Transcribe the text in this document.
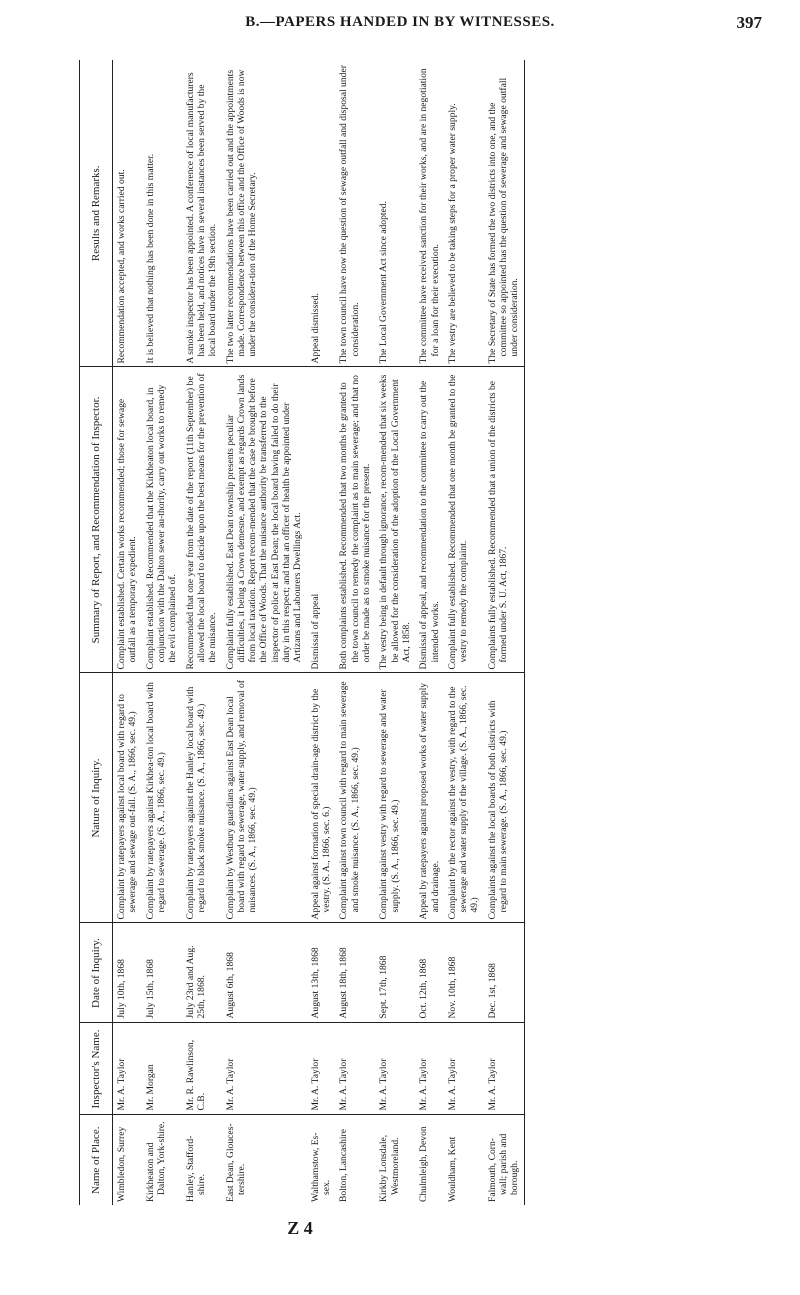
B.—PAPERS HANDED IN BY WITNESSES.	397
Name of Place.	Inspector's Name.	Date of Inquiry.	Nature of Inquiry.	Summary of Report, and Recommendation of Inspector.	Results and Remarks.
Wimbledon, Surrey	Mr. A. Taylor	July 10th, 1868	Complaint by ratepayers against local board with regard to sewerage and sewage out-fall. (S. A., 1866, sec. 49.)	Complaint established. Certain works recommended; those for sewage outfall as a temporary expedient.	Recommendation accepted, and works carried out.
Kirkheaton and Dalton, York-shire.	Mr. Morgan	July 15th, 1868	Complaint by ratepayers against Kirkhea-ton local board with regard to sewerage. (S. A., 1866, sec. 49.)	Complaint established. Recommended that the Kirkheaton local board, in conjunction with the Dalton sewer au-thority, carry out works to remedy the evil complained of.	It is believed that nothing has been done in this matter.
Hanley, Stafford-shire.	Mr. R. Rawlinson, C.B.	July 23rd and Aug. 25th, 1868.	Complaint by ratepayers against the Hanley local board with regard to black smoke nuisance. (S. A., 1866, sec. 49.)	Recommended that one year from the date of the report (11th September) be allowed the local board to decide upon the best means for the prevention of the nuisance.	A smoke inspector has been appointed. A conference of local manufacturers has been held, and notices have in several instances been served by the local board under the 19th section.
East Dean, Glouces-tershire.	Mr. A. Taylor	August 6th, 1868	Complaint by Westbury guardians against East Dean local board with regard to sewerage, water supply, and removal of nuisances. (S. A., 1866, sec. 49.)	Complaint fully established. East Dean township presents peculiar difficulties, it being a Crown demesne, and exempt as regards Crown lands from local taxation. Report recom-mended that the case be brought before the Office of Woods. That the nuisance authority be transferred to the inspector of police at East Dean; the local board having failed to do their duty in this respect; and that an officer of health be appointed under Artizans and Labourers Dwellings Act.	The two latter recommendations have been carried out and the appointments made. Correspondence between this office and the Office of Woods is now under the considera-tion of the Home Secretary.
Walthamstow, Es-sex.	Mr. A. Taylor	August 13th, 1868	Appeal against formation of special drain-age district by the vestry. (S. A., 1866, sec. 6.)	Dismissal of appeal	Appeal dismissed.
Bolton, Lancashire	Mr. A. Taylor	August 18th, 1868	Complaint against town council with regard to main sewerage and smoke nuisance. (S. A., 1866, sec. 49.)	Both complaints established. Recommended that two months be granted to the town council to remedy the complaint as to main sewerage; and that no order be made as to smoke nuisance for the present.	The town council have now the question of sewage outfall and disposal under consideration.
Kirkby Lonsdale, Westmoreland.	Mr. A. Taylor	Sept. 17th, 1868	Complaint against vestry with regard to sewerage and water supply. (S. A., 1866, sec. 49.)	The vestry being in default through ignorance, recom-mended that six weeks be allowed for the consideration of the adoption of the Local Government Act, 1858.	The Local Government Act since adopted.
Chulmleigh, Devon	Mr. A. Taylor	Oct. 12th, 1868	Appeal by ratepayers against proposed works of water supply and drainage.	Dismissal of appeal, and recommendation to the committee to carry out the intended works.	The committee have received sanction for their works, and are in negotiation for a loan for their execution.
Wouldham, Kent	Mr. A. Taylor	Nov. 10th, 1868	Complaint by the rector against the vestry, with regard to the sewerage and water supply of the village. (S. A., 1866, sec. 49.)	Complaint fully established. Recommended that one month be granted to the vestry to remedy the complaint.	The vestry are believed to be taking steps for a proper water supply.
Falmouth, Corn-wall; parish and borough.	Mr. A. Taylor	Dec. 1st, 1868	Complaints against the local boards of both districts with regard to main sewerage. (S. A., 1866, sec. 49.)	Complaints fully established. Recommended that a union of the districts be formed under S. U. Act, 1867.	The Secretary of State has formed the two districts into one, and the committee so appointed has the question of sewerage and sewage outfall under consideration.
Z 4
